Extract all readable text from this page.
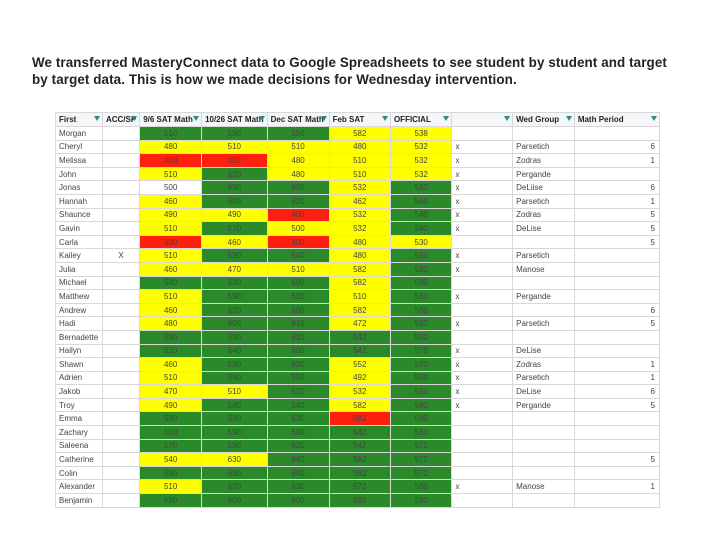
We transferred MasteryConnect data to Google Spreadsheets to see student by student and target by target data. This is how we made decisions for Wednesday intervention.
First	ACC/SP	9/6 SAT Math	10/26 SAT Math	Dec SAT Math	Feb SAT	OFFICIAL		Wed Group	Math Period

Morgan		510	590	550	582	538			
Cheryl		480	510	510	480	532	x	Parsetich	6
Melissa		400	400	480	510	532	x	Zodras	1
John		510	620	480	510	532	x	Pergande	
Jonas		500	690	690	532	540	x	DeLiise	6
Hannah		460	600	620	462	540	x	Parsetich	1
Shaunce		490	490	400	532	540	x	Zodras	5
Gavin		510	570	500	532	540	x	DeLise	5
Carla		400	460	400	480	530			5
Kailey	X	510	590	540	480	530	x	Parsetich	
Julia		460	470	510	582	530	x	Manose	
Michael		540	630	690	582	530			
Matthew		510	590	630	510	530	x	Pergande	
Andrew		460	620	690	582	530			6
Hadi		480	600	610	472	530	x	Parsetich	5
Bernadette		590	590	610	542	532			
Hailyn		520	640	690	542	570	x	DeLise	
Shawn		460	590	620	552	570	x	Zodras	1
Adrien		510	540	550	492	530	x	Parsetich	1
Jakob		470	510	510	532	530	x	DeLise	6
Troy		490	540	540	582	540	x	Pergande	5
Emma		590	590	630	582	530			
Zachary		500	590	690	542	530			
Saleena		570	590	620	542	572			
Catherine		540	630	640	562	572			5
Colin		590	690	640	582	572			
Alexander		510	670	630	572	530	x	Manose	1
Benjamin		550	600	600	582	530			
